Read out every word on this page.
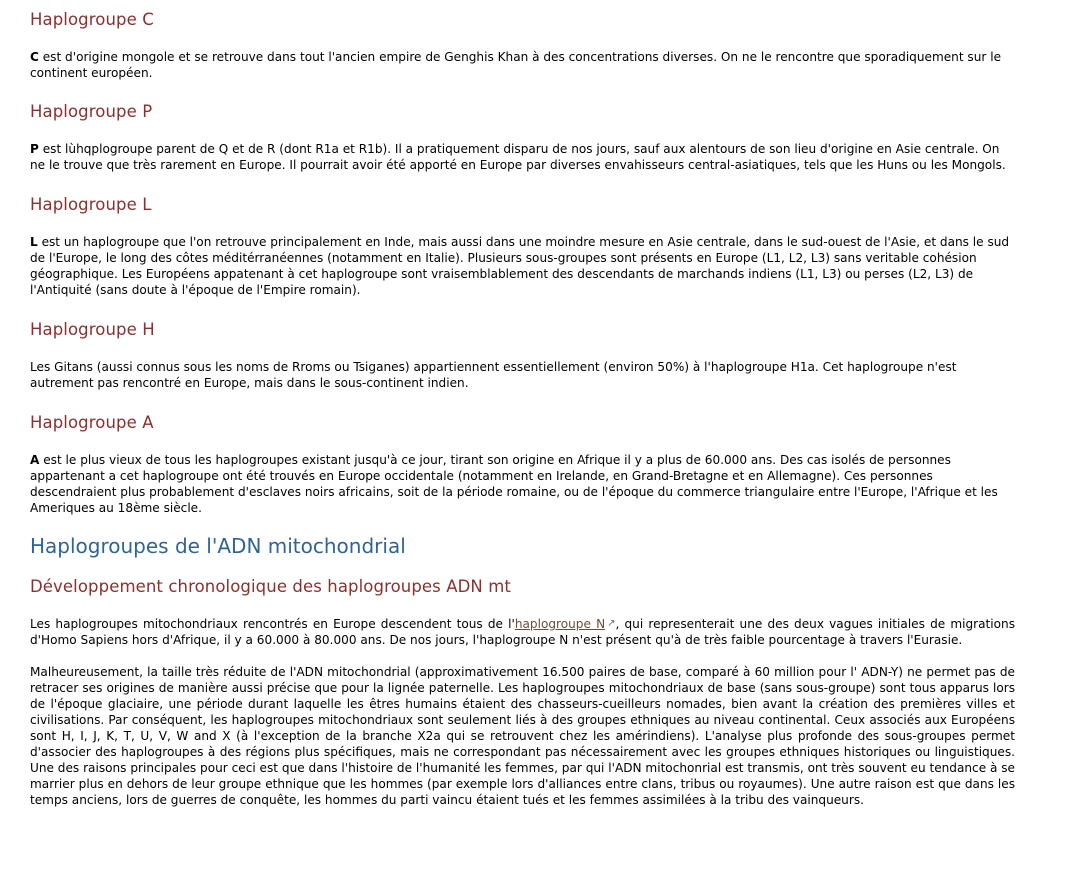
Haplogroupe C

C est d'origine mongole et se retrouve dans tout l'ancien empire de Genghis Khan à des concentrations diverses. On ne le rencontre que sporadiquement sur le continent européen.

Haplogroupe P

P est lùhqplogroupe parent de Q et de R (dont R1a et R1b). Il a pratiquement disparu de nos jours, sauf aux alentours de son lieu d'origine en Asie centrale. On ne le trouve que très rarement en Europe. Il pourrait avoir été apporté en Europe par diverses envahisseurs central-asiatiques, tels que les Huns ou les Mongols.

Haplogroupe L

L est un haplogroupe que l'on retrouve principalement en Inde, mais aussi dans une moindre mesure en Asie centrale, dans le sud-ouest de l'Asie, et dans le sud de l'Europe, le long des côtes méditérranéennes (notamment en Italie). Plusieurs sous-groupes sont présents en Europe (L1, L2, L3) sans veritable cohésion géographique. Les Européens appatenant à cet haplogroupe sont vraisemblablement des descendants de marchands indiens (L1, L3) ou perses (L2, L3) de l'Antiquité (sans doute à l'époque de l'Empire romain).

Haplogroupe H

Les Gitans (aussi connus sous les noms de Rroms ou Tsiganes) appartiennent essentiellement (environ 50%) à l'haplogroupe H1a. Cet haplogroupe n'est autrement pas rencontré en Europe, mais dans le sous-continent indien.

Haplogroupe A

A est le plus vieux de tous les haplogroupes existant jusqu'à ce jour, tirant son origine en Afrique il y a plus de 60.000 ans. Des cas isolés de personnes appartenant a cet haplogroupe ont été trouvés en Europe occidentale (notamment en Irelande, en Grand-Bretagne et en Allemagne). Ces personnes descendraient plus probablement d'esclaves noirs africains, soit de la période romaine, ou de l'époque du commerce triangulaire entre l'Europe, l'Afrique et les Ameriques au 18ème siècle.

Haplogroupes de l'ADN mitochondrial
Développement chronologique des haplogroupes ADN mt

Les haplogroupes mitochondriaux rencontrés en Europe descendent tous de l'haplogroupe N ↗, qui representerait une des deux vagues initiales de migrations d'Homo Sapiens hors d'Afrique, il y a 60.000 à 80.000 ans. De nos jours, l'haplogroupe N n'est présent qu'à de très faible pourcentage à travers l'Eurasie.

Malheureusement, la taille très réduite de l'ADN mitochondrial (approximativement 16.500 paires de base, comparé à 60 million pour l' ADN-Y) ne permet pas de retracer ses origines de manière aussi précise que pour la lignée paternelle. Les haplogroupes mitochondriaux de base (sans sous-groupe) sont tous apparus lors de l'époque glaciaire, une période durant laquelle les êtres humains étaient des chasseurs-cueilleurs nomades, bien avant la création des premières villes et civilisations. Par conséquent, les haplogroupes mitochondriaux sont seulement liés à des groupes ethniques au niveau continental. Ceux associés aux Européens sont H, I, J, K, T, U, V, W and X (à l'exception de la branche X2a qui se retrouvent chez les amérindiens). L'analyse plus profonde des sous-groupes permet d'associer des haplogroupes à des régions plus spécifiques, mais ne correspondant pas nécessairement avec les groupes ethniques historiques ou linguistiques. Une des raisons principales pour ceci est que dans l'histoire de l'humanité les femmes, par qui l'ADN mitochonrial est transmis, ont très souvent eu tendance à se marrier plus en dehors de leur groupe ethnique que les hommes (par exemple lors d'alliances entre clans, tribus ou royaumes). Une autre raison est que dans les temps anciens, lors de guerres de conquête, les hommes du parti vaincu étaient tués et les femmes assimilées à la tribu des vainqueurs.
